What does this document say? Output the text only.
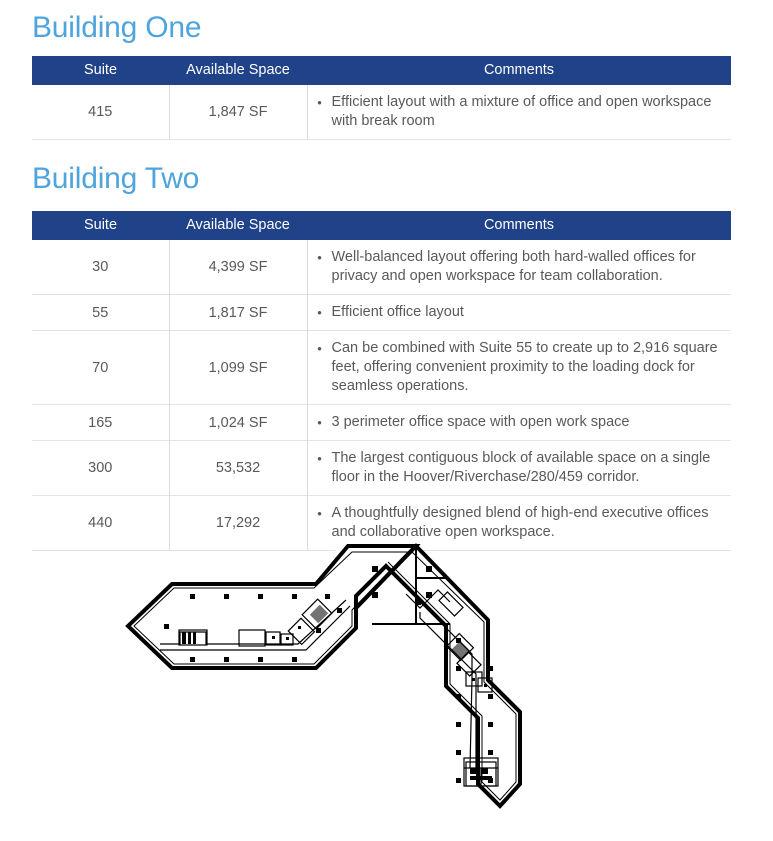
Building One
Suite	Available Space	Comments
415	1,847 SF	• Efficient layout with a mixture of office and open workspace with break room
Building Two
Suite	Available Space	Comments
30	4,399 SF	• Well-balanced layout offering both hard-walled offices for privacy and open workspace for team collaboration.

55	1,817 SF	• Efficient office layout

70	1,099 SF	• Can be combined with Suite 55 to create up to 2,916 square feet, offering convenient proximity to the loading dock for seamless operations.

165	1,024 SF	• 3 perimeter office space with open work space

300	53,532	• The largest contiguous block of available space on a single floor in the Hoover/Riverchase/280/459 corridor.

440	17,292	• A thoughtfully designed blend of high-end executive offices and collaborative open workspace.
